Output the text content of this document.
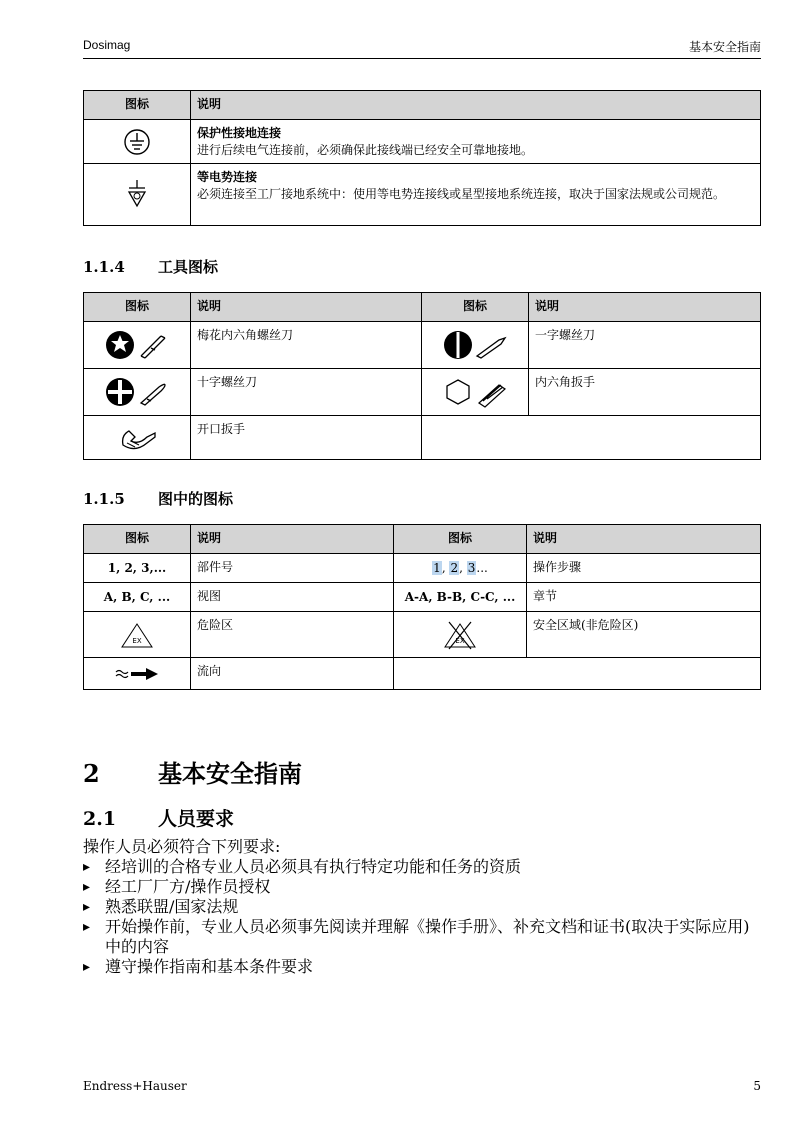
Dosimag	基本安全指南
图标	说明

保护性接地连接
进行后续电气连接前，必须确保此接线端已经安全可靠地接地。

等电势连接
必须连接至工厂接地系统中：使用等电势连接线或星型接地系统连接，取决于国家法规或公司规范。
1.1.4 工具图标
图标	说明	图标	说明
	梅花内六角螺丝刀		一字螺丝刀
	十字螺丝刀		内六角扳手
	开口扳手		
1.1.5 图中的图标
图标	说明	图标	说明
1, 2, 3,...	部件号	1, 2, 3...	操作步骤
A, B, C, ...	视图	A-A, B-B, C-C, ...	章节

EX	危险区	EX	安全区域(非危险区)
	流向		
2 基本安全指南
2.1 人员要求
操作人员必须符合下列要求:
▸ 经培训的合格专业人员必须具有执行特定功能和任务的资质
▸ 经工厂厂方/操作员授权
▸ 熟悉联盟/国家法规
▸ 开始操作前，专业人员必须事先阅读并理解《操作手册》、补充文档和证书(取决于实际应用)中的内容
▸ 遵守操作指南和基本条件要求
Endress+Hauser	5
